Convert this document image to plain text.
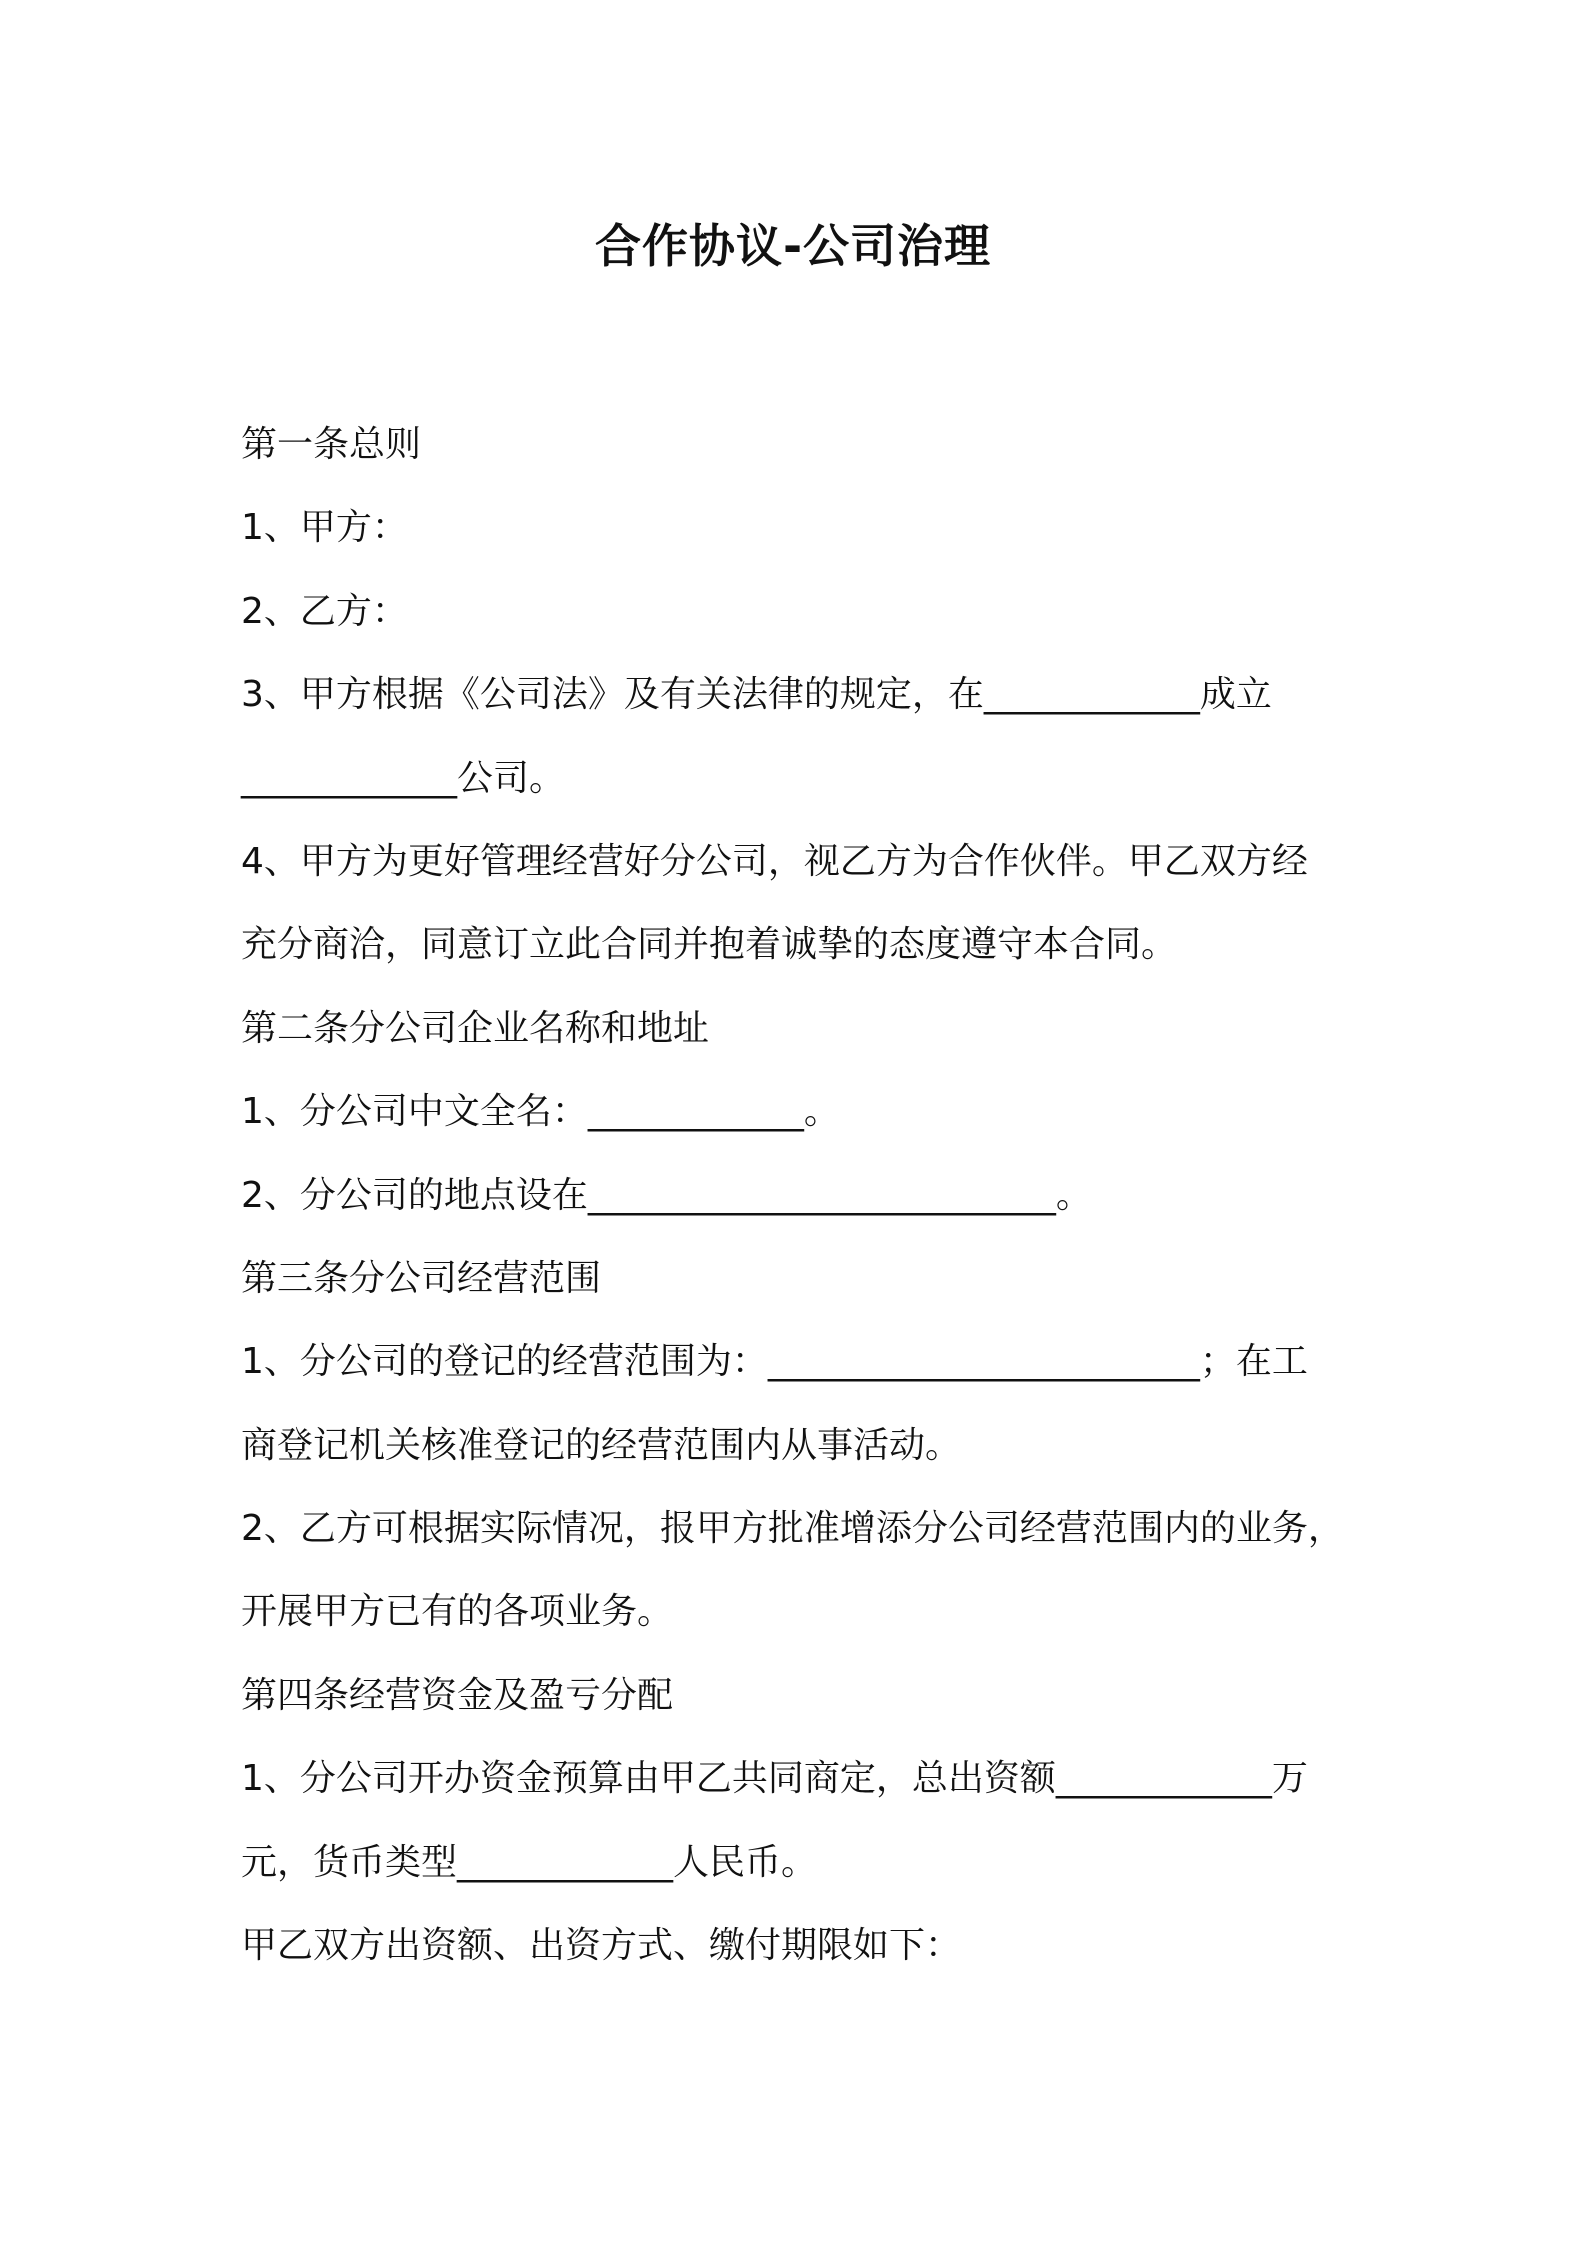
合作协议-公司治理
第一条总则
1、甲方：
2、乙方：
3、甲方根据《公司法》及有关法律的规定，在____________成立
____________公司。
4、甲方为更好管理经营好分公司，视乙方为合作伙伴。甲乙双方经
充分商洽，同意订立此合同并抱着诚挚的态度遵守本合同。
第二条分公司企业名称和地址
1、分公司中文全名：____________。
2、分公司的地点设在__________________________。
第三条分公司经营范围
1、分公司的登记的经营范围为：________________________；在工
商登记机关核准登记的经营范围内从事活动。
2、乙方可根据实际情况，报甲方批准增添分公司经营范围内的业务，
开展甲方已有的各项业务。
第四条经营资金及盈亏分配
1、分公司开办资金预算由甲乙共同商定，总出资额____________万
元，货币类型____________人民币。
甲乙双方出资额、出资方式、缴付期限如下：
